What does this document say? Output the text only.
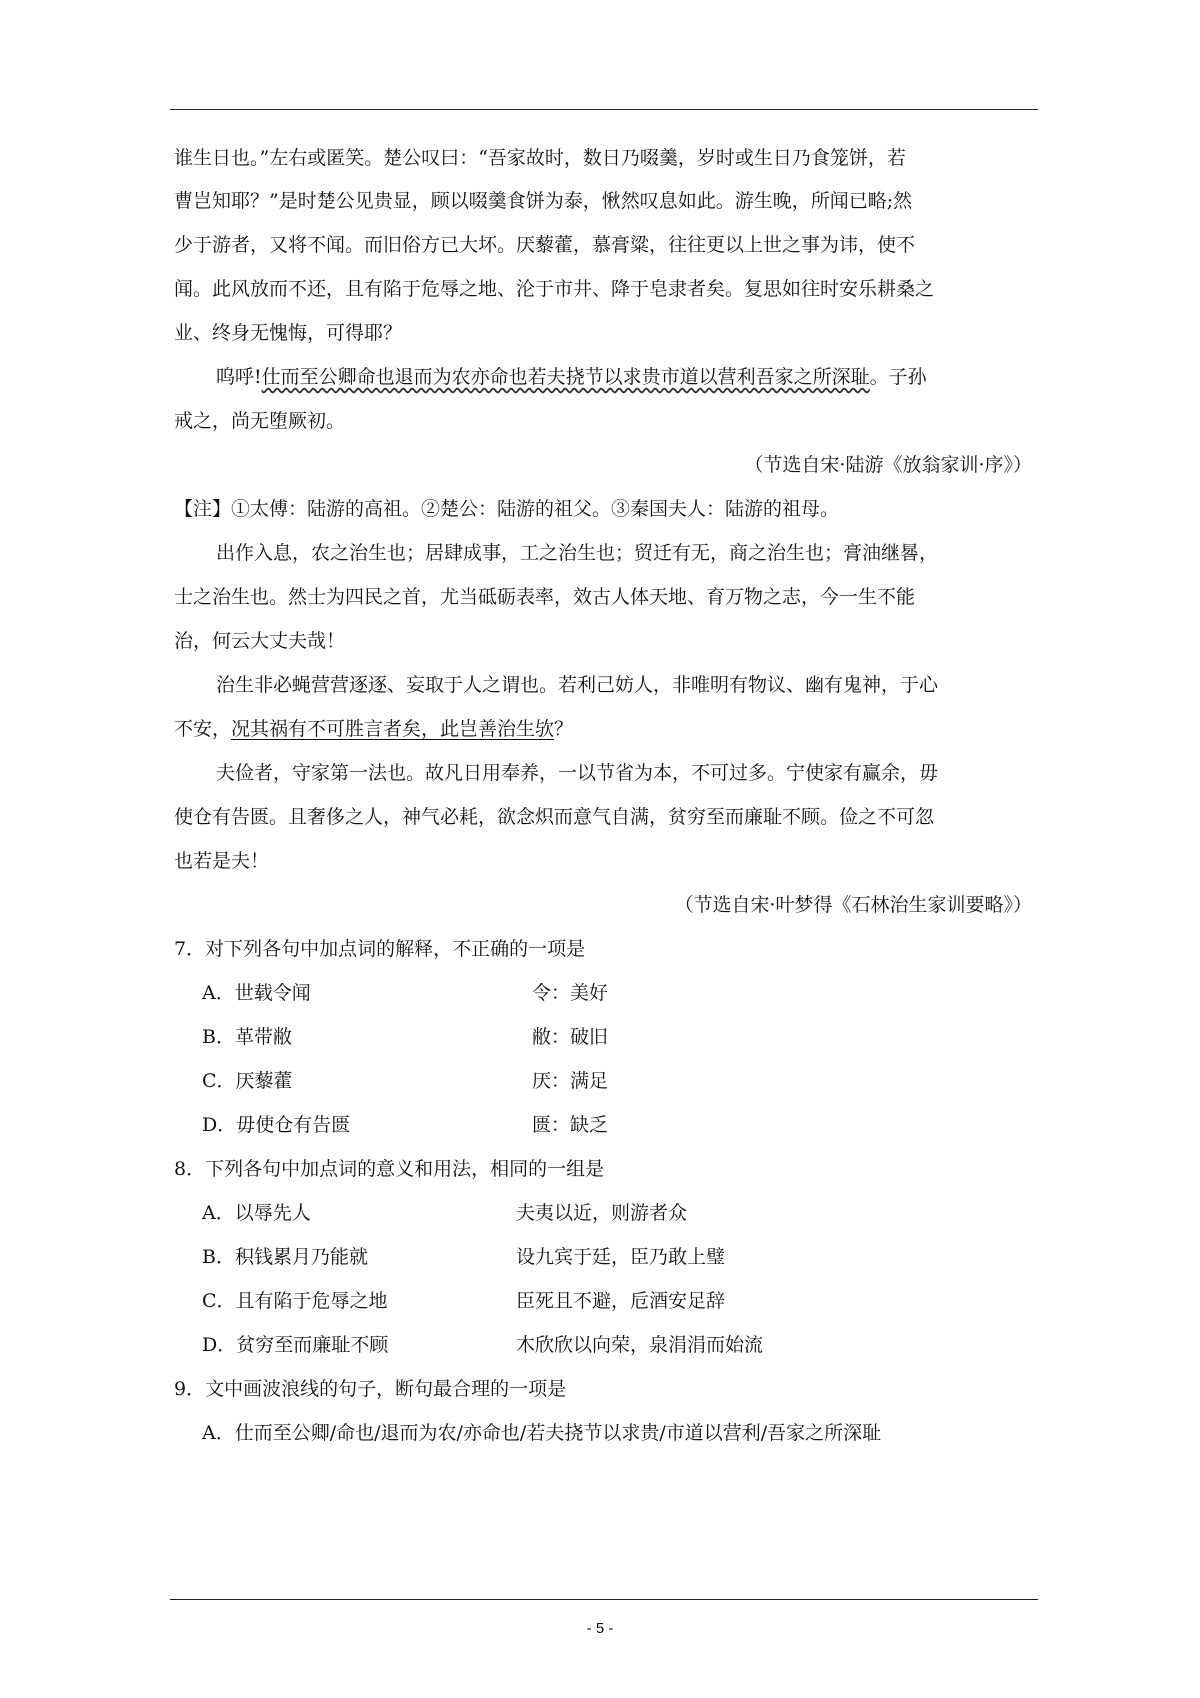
谁生日也。”左右或匿笑。楚公叹曰：“吾家故时，数日乃啜羹，岁时或生日乃食笼饼，若
曹岂知耶？”是时楚公见贵显，顾以啜羹食饼为泰，愀然叹息如此。游生晚，所闻已略;然
少于游者，又将不闻。而旧俗方已大坏。厌藜藿，慕膏粱，往往更以上世之事为讳，使不
闻。此风放而不还，且有陷于危辱之地、沦于市井、降于皂隶者矣。复思如往时安乐耕桑之
业、终身无愧悔，可得耶？
呜呼!仕而至公卿命也退而为农亦命也若夫挠节以求贵市道以营利吾家之所深耻。子孙
戒之，尚无堕厥初。
（节选自宋·陆游《放翁家训·序》）
【注】①太傅：陆游的高祖。②楚公：陆游的祖父。③秦国夫人：陆游的祖母。
出作入息，农之治生也；居肆成事，工之治生也；贸迁有无，商之治生也；膏油继晷，
士之治生也。然士为四民之首，尤当砥砺表率，效古人体天地、育万物之志，今一生不能
治，何云大丈夫哉！
治生非必蝇营营逐逐、妄取于人之谓也。若利己妨人，非唯明有物议、幽有鬼神，于心
不安，况其祸有不可胜言者矣，此岂善治生欤？
夫俭者，守家第一法也。故凡日用奉养，一以节省为本，不可过多。宁使家有赢余，毋
使仓有告匮。且奢侈之人，神气必耗，欲念炽而意气自满，贫穷至而廉耻不顾。俭之不可忽
也若是夫！
（节选自宋·叶梦得《石林治生家训要略》）
7．对下列各句中加点词的解释，不正确的一项是
A．世载令闻	令：美好
B．革带敝	敝：破旧
C．厌藜藿	厌：满足
D．毋使仓有告匮	匮：缺乏
8．下列各句中加点词的意义和用法，相同的一组是
A．以辱先人	夫夷以近，则游者众
B．积钱累月乃能就	设九宾于廷，臣乃敢上璧
C．且有陷于危辱之地	臣死且不避，卮酒安足辞
D．贫穷至而廉耻不顾	木欣欣以向荣，泉涓涓而始流
9．文中画波浪线的句子，断句最合理的一项是
A．仕而至公卿/命也/退而为农/亦命也/若夫挠节以求贵/市道以营利/吾家之所深耻
- 5 -
